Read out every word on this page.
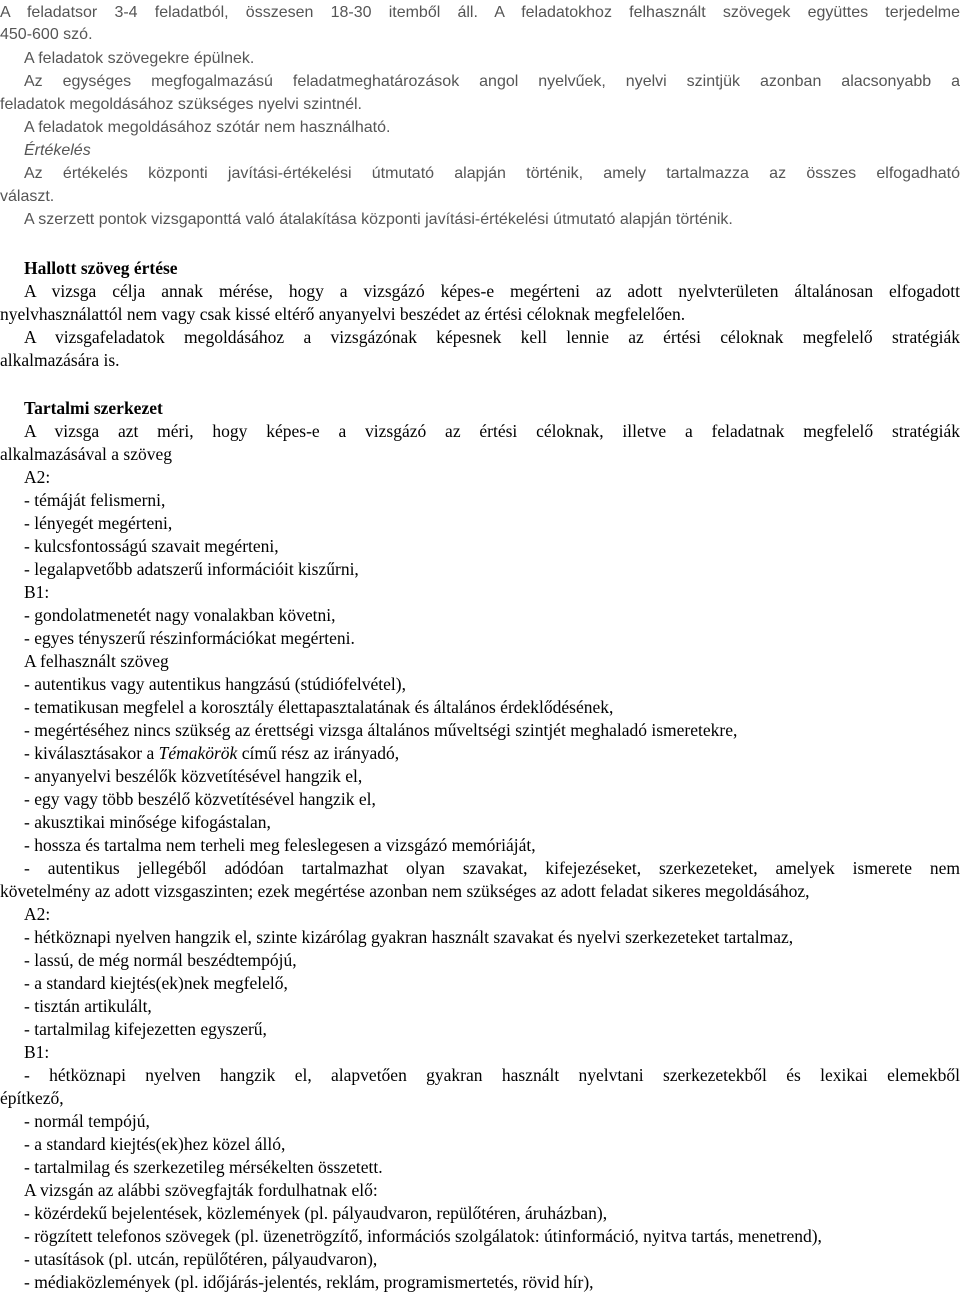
A feladatsor 3-4 feladatból, összesen 18-30 itemből áll. A feladatokhoz felhasznált szövegek együttes terjedelme

450-600 szó.

A feladatok szövegekre épülnek.

Az egységes megfogalmazású feladatmeghatározások angol nyelvűek, nyelvi szintjük azonban alacsonyabb a

feladatok megoldásához szükséges nyelvi szintnél.

A feladatok megoldásához szótár nem használható.

Értékelés

Az értékelés központi javítási-értékelési útmutató alapján történik, amely tartalmazza az összes elfogadható

választ.

A szerzett pontok vizsgaponttá való átalakítása központi javítási-értékelési útmutató alapján történik.

Hallott szöveg értése

A vizsga célja annak mérése, hogy a vizsgázó képes-e megérteni az adott nyelvterületen általánosan elfogadott

nyelvhasználattól nem vagy csak kissé eltérő anyanyelvi beszédet az értési céloknak megfelelően.

A vizsgafeladatok megoldásához a vizsgázónak képesnek kell lennie az értési céloknak megfelelő stratégiák

alkalmazására is.

Tartalmi szerkezet

A vizsga azt méri, hogy képes-e a vizsgázó az értési céloknak, illetve a feladatnak megfelelő stratégiák

alkalmazásával a szöveg

A2:

- témáját felismerni,

- lényegét megérteni,

- kulcsfontosságú szavait megérteni,

- legalapvetőbb adatszerű információit kiszűrni,

B1:

- gondolatmenetét nagy vonalakban követni,

- egyes tényszerű részinformációkat megérteni.

A felhasznált szöveg

- autentikus vagy autentikus hangzású (stúdiófelvétel),

- tematikusan megfelel a korosztály élettapasztalatának és általános érdeklődésének,

- megértéséhez nincs szükség az érettségi vizsga általános műveltségi szintjét meghaladó ismeretekre,

- kiválasztásakor a Témakörök című rész az irányadó,

- anyanyelvi beszélők közvetítésével hangzik el,

- egy vagy több beszélő közvetítésével hangzik el,

- akusztikai minősége kifogástalan,

- hossza és tartalma nem terheli meg feleslegesen a vizsgázó memóriáját,

- autentikus jellegéből adódóan tartalmazhat olyan szavakat, kifejezéseket, szerkezeteket, amelyek ismerete nem

követelmény az adott vizsgaszinten; ezek megértése azonban nem szükséges az adott feladat sikeres megoldásához,

A2:

- hétköznapi nyelven hangzik el, szinte kizárólag gyakran használt szavakat és nyelvi szerkezeteket tartalmaz,

- lassú, de még normál beszédtempójú,

- a standard kiejtés(ek)nek megfelelő,

- tisztán artikulált,

- tartalmilag kifejezetten egyszerű,

B1:

- hétköznapi nyelven hangzik el, alapvetően gyakran használt nyelvtani szerkezetekből és lexikai elemekből

építkező,

- normál tempójú,

- a standard kiejtés(ek)hez közel álló,

- tartalmilag és szerkezetileg mérsékelten összetett.

A vizsgán az alábbi szövegfajták fordulhatnak elő:

- közérdekű bejelentések, közlemények (pl. pályaudvaron, repülőtéren, áruházban),

- rögzített telefonos szövegek (pl. üzenetrögzítő, információs szolgálatok: útinformáció, nyitva tartás, menetrend),

- utasítások (pl. utcán, repülőtéren, pályaudvaron),

- médiaközlemények (pl. időjárás-jelentés, reklám, programismertetés, rövid hír),
